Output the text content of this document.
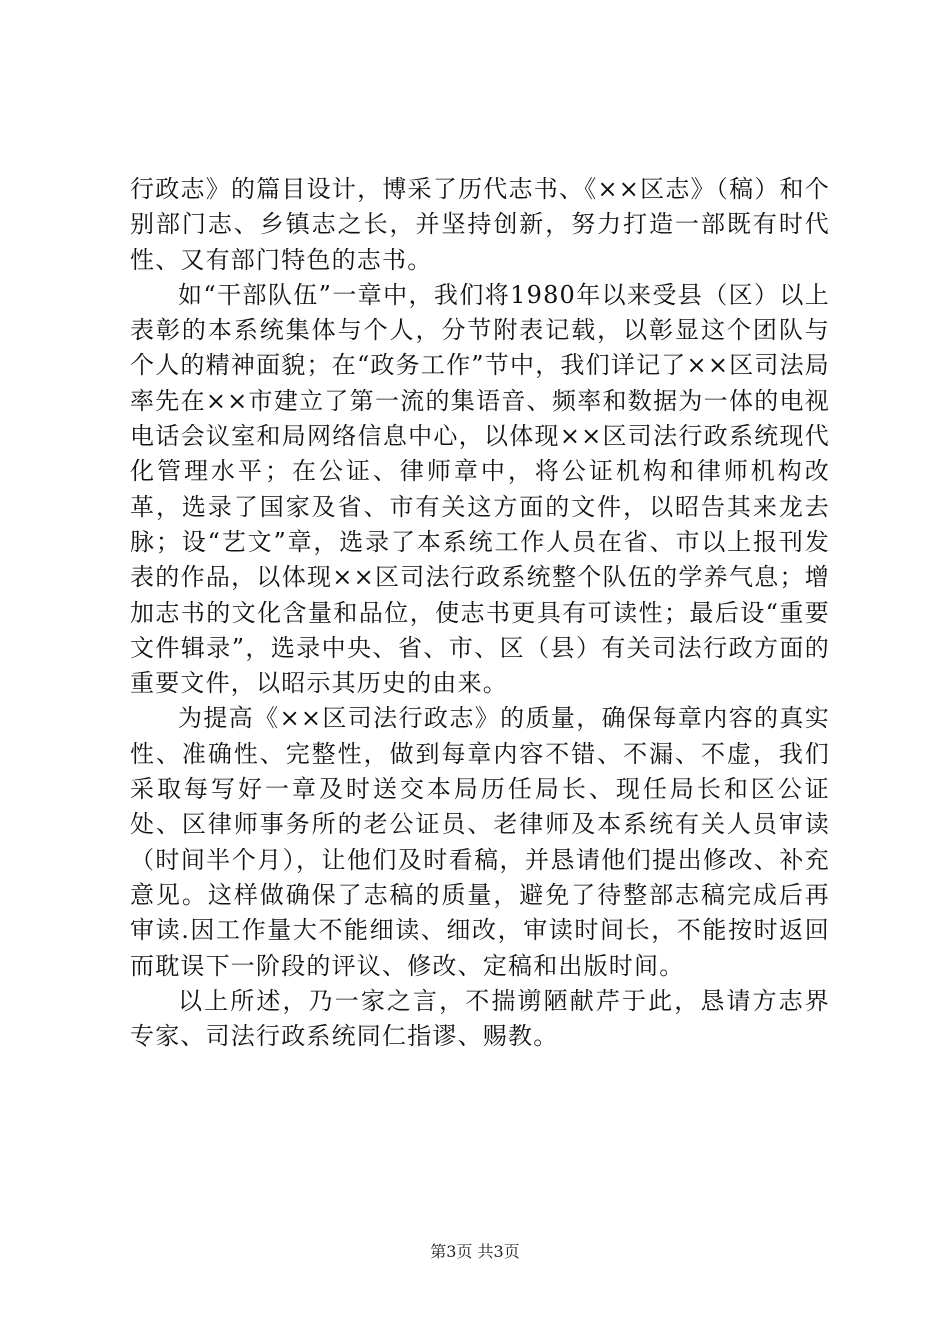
行政志》的篇目设计，博采了历代志书、《××区志》（稿）和个别部门志、乡镇志之长，并坚持创新，努力打造一部既有时代性、又有部门特色的志书。

如“干部队伍”一章中，我们将1980年以来受县（区）以上表彰的本系统集体与个人，分节附表记载，以彰显这个团队与个人的精神面貌；在“政务工作”节中，我们详记了××区司法局率先在××市建立了第一流的集语音、频率和数据为一体的电视电话会议室和局网络信息中心，以体现××区司法行政系统现代化管理水平；在公证、律师章中，将公证机构和律师机构改革，选录了国家及省、市有关这方面的文件，以昭告其来龙去脉；设“艺文”章，选录了本系统工作人员在省、市以上报刊发表的作品，以体现××区司法行政系统整个队伍的学养气息；增加志书的文化含量和品位，使志书更具有可读性；最后设“重要文件辑录”，选录中央、省、市、区（县）有关司法行政方面的重要文件，以昭示其历史的由来。

为提高《××区司法行政志》的质量，确保每章内容的真实性、准确性、完整性，做到每章内容不错、不漏、不虚，我们采取每写好一章及时送交本局历任局长、现任局长和区公证处、区律师事务所的老公证员、老律师及本系统有关人员审读（时间半个月），让他们及时看稿，并恳请他们提出修改、补充意见。这样做确保了志稿的质量，避免了待整部志稿完成后再审读.因工作量大不能细读、细改，审读时间长，不能按时返回而耽误下一阶段的评议、修改、定稿和出版时间。

以上所述，乃一家之言，不揣谫陋献芹于此，恳请方志界专家、司法行政系统同仁指谬、赐教。

第3页 共3页
